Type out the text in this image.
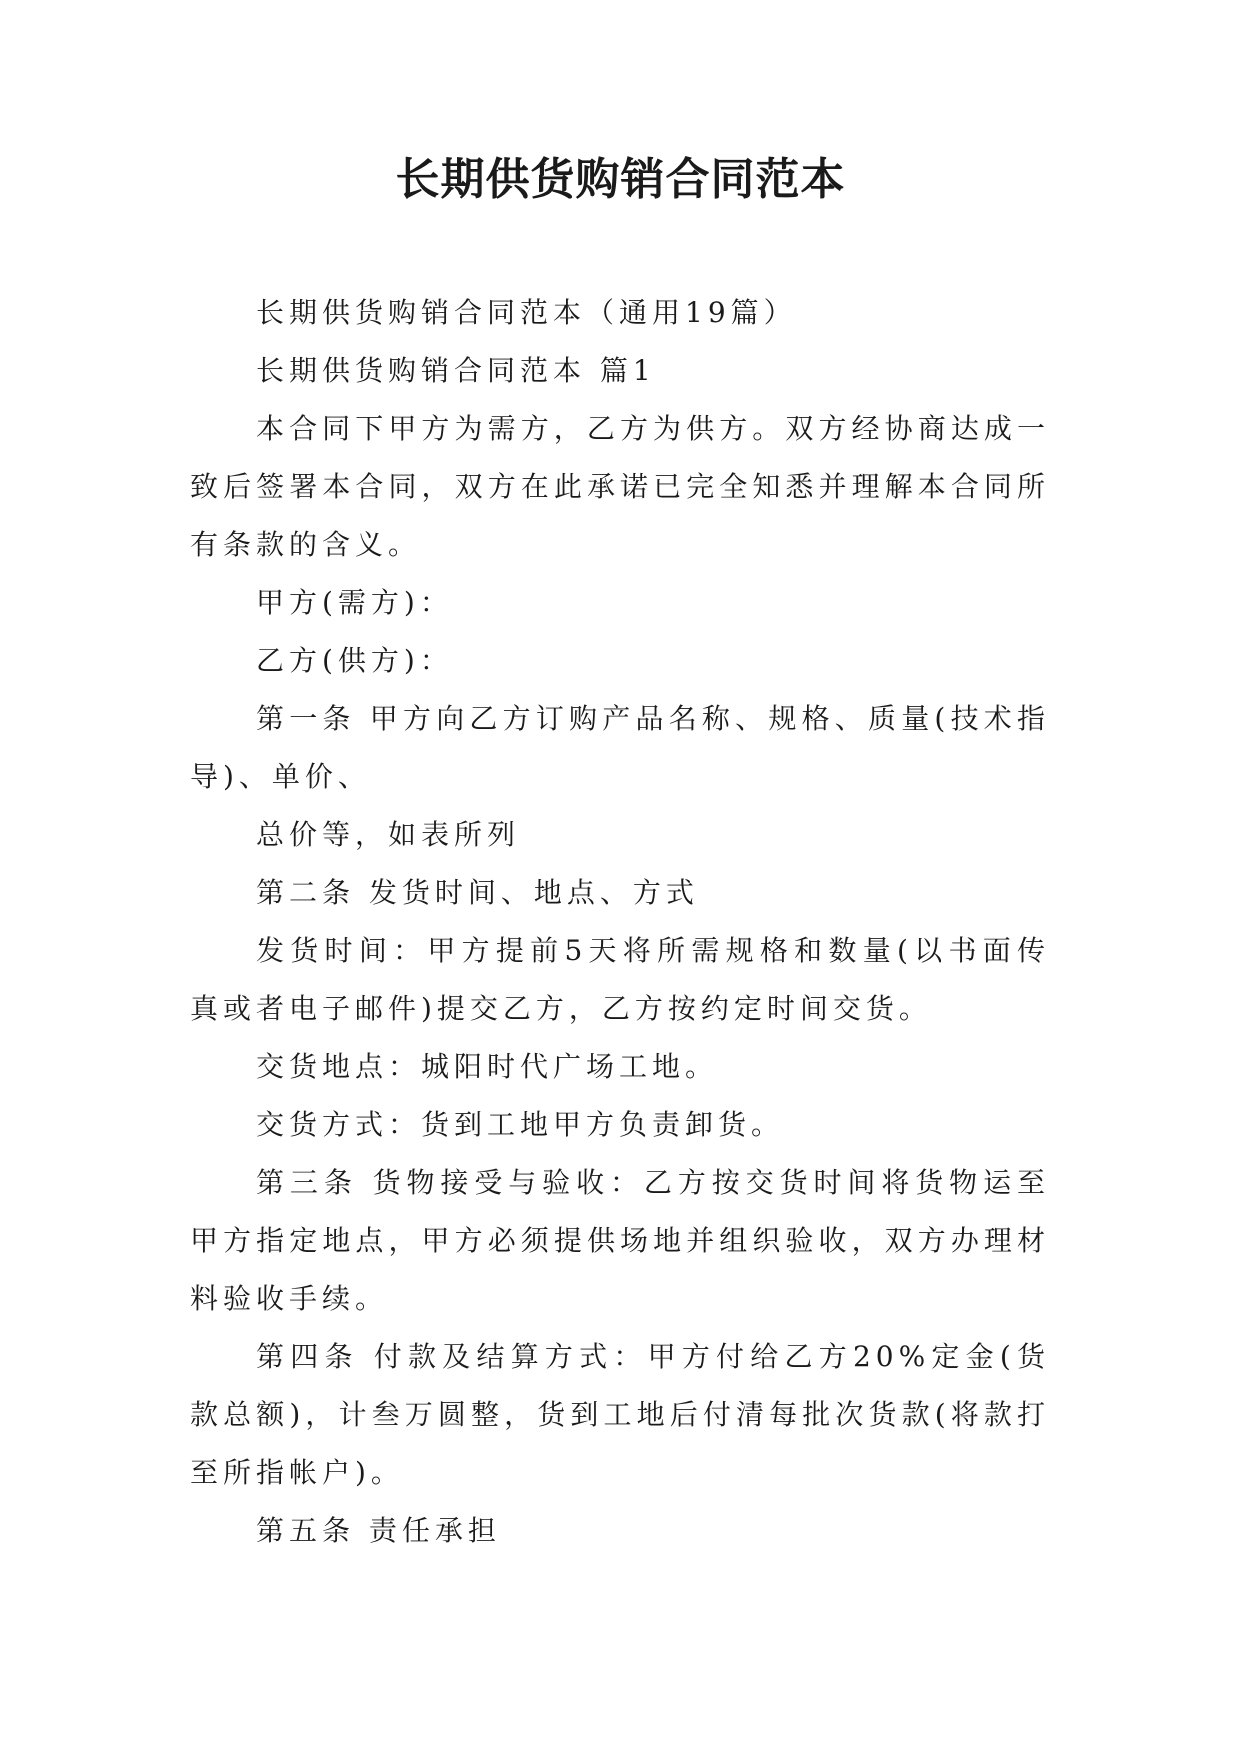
长期供货购销合同范本

长期供货购销合同范本（通用19篇）

长期供货购销合同范本 篇1

本合同下甲方为需方，乙方为供方。双方经协商达成一致后签署本合同，双方在此承诺已完全知悉并理解本合同所有条款的含义。

甲方(需方)：

乙方(供方)：

第一条 甲方向乙方订购产品名称、规格、质量(技术指导)、单价、

总价等，如表所列

第二条 发货时间、地点、方式

发货时间：甲方提前5天将所需规格和数量(以书面传真或者电子邮件)提交乙方，乙方按约定时间交货。

交货地点：城阳时代广场工地。

交货方式：货到工地甲方负责卸货。

第三条 货物接受与验收：乙方按交货时间将货物运至甲方指定地点，甲方必须提供场地并组织验收，双方办理材料验收手续。

第四条 付款及结算方式：甲方付给乙方20%定金(货款总额)，计叁万圆整，货到工地后付清每批次货款(将款打至所指帐户)。

第五条 责任承担
